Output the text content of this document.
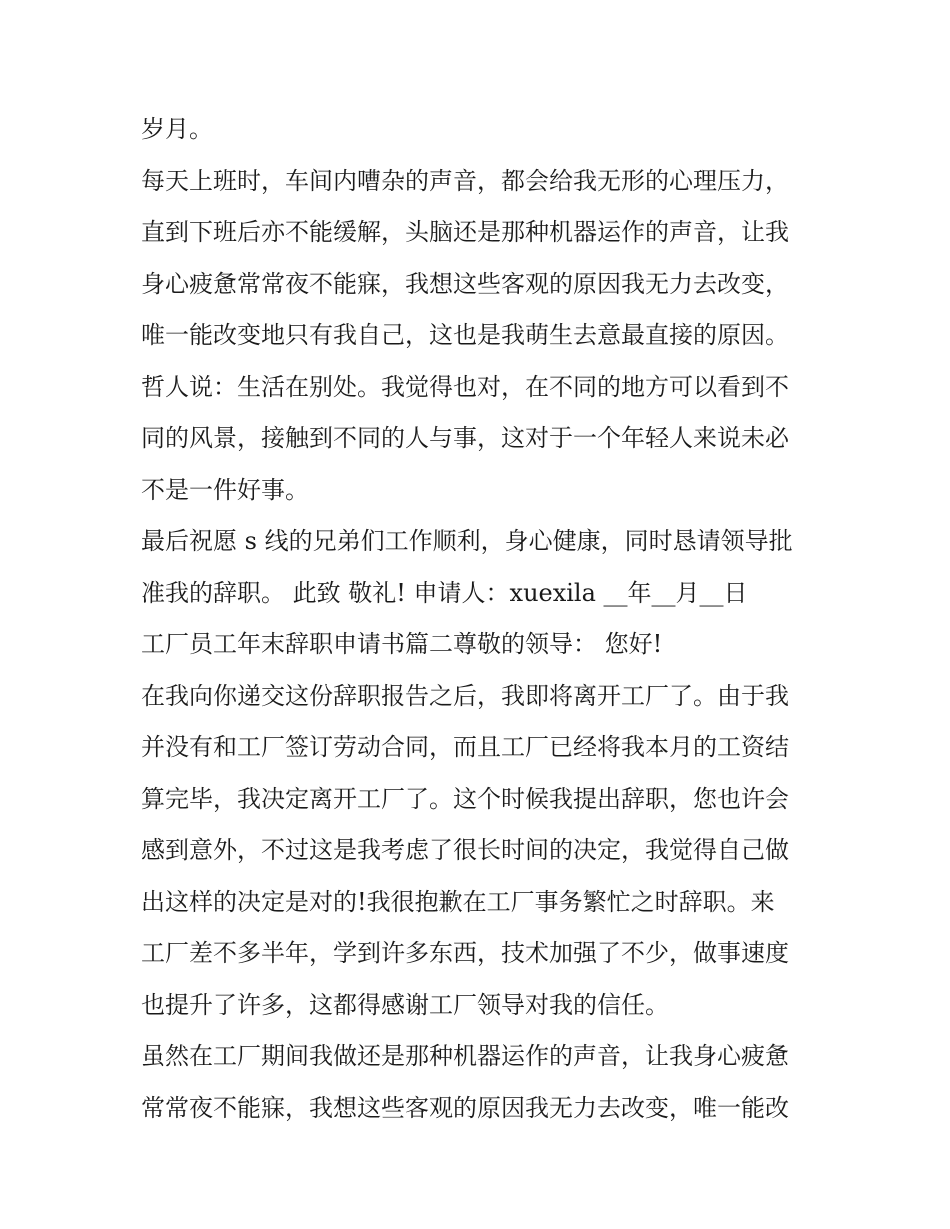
岁月。
每天上班时，车间内嘈杂的声音，都会给我无形的心理压力，
直到下班后亦不能缓解，头脑还是那种机器运作的声音，让我
身心疲惫常常夜不能寐，我想这些客观的原因我无力去改变，
唯一能改变地只有我自己，这也是我萌生去意最直接的原因。
哲人说：生活在别处。我觉得也对，在不同的地方可以看到不
同的风景，接触到不同的人与事，这对于一个年轻人来说未必
不是一件好事。
最后祝愿 s 线的兄弟们工作顺利，身心健康，同时恳请领导批
准我的辞职。 此致 敬礼! 申请人：xuexila __年__月__日
工厂员工年末辞职申请书篇二尊敬的领导： 您好!
在我向你递交这份辞职报告之后，我即将离开工厂了。由于我
并没有和工厂签订劳动合同，而且工厂已经将我本月的工资结
算完毕，我决定离开工厂了。这个时候我提出辞职，您也许会
感到意外，不过这是我考虑了很长时间的决定，我觉得自己做
出这样的决定是对的!我很抱歉在工厂事务繁忙之时辞职。来
工厂差不多半年，学到许多东西，技术加强了不少，做事速度
也提升了许多，这都得感谢工厂领导对我的信任。
虽然在工厂期间我做还是那种机器运作的声音，让我身心疲惫
常常夜不能寐，我想这些客观的原因我无力去改变，唯一能改
